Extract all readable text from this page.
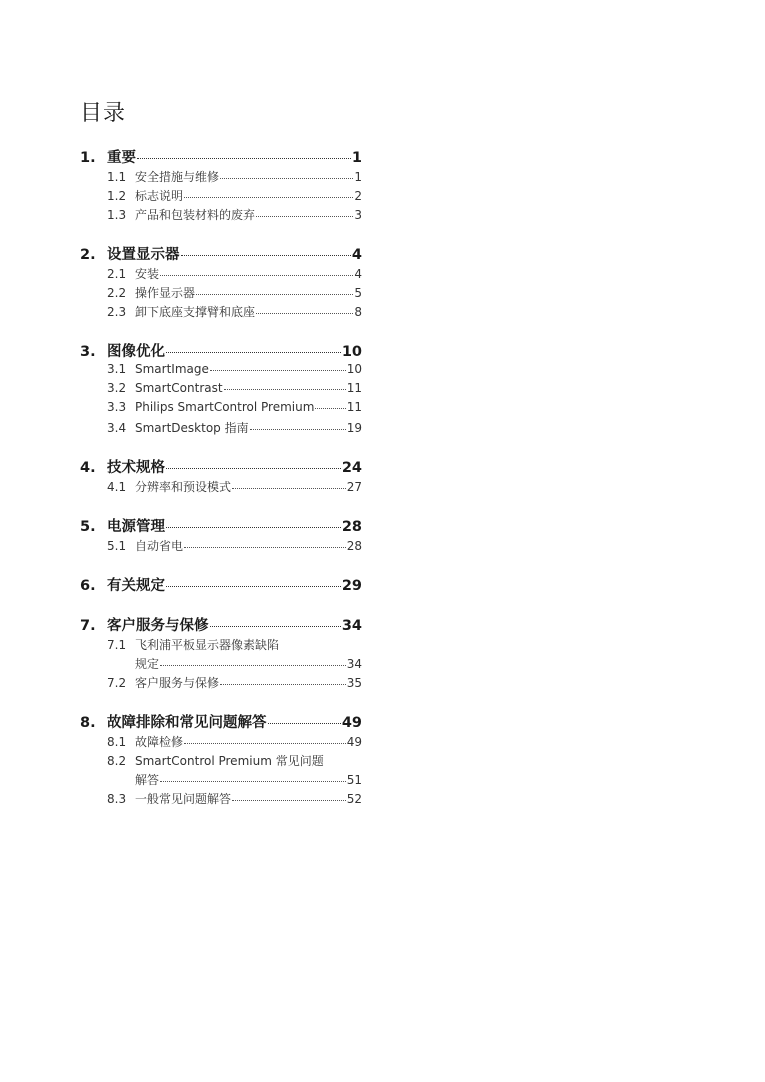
目录
1. 重要	1
1.1 安全措施与维修	1
1.2 标志说明	2
1.3 产品和包装材料的废弃	3
2. 设置显示器	4
2.1 安装	4
2.2 操作显示器	5
2.3 卸下底座支撑臂和底座	8
3. 图像优化	10
3.1 SmartImage	10
3.2 SmartContrast	11
3.3 Philips SmartControl Premium	11
3.4 SmartDesktop 指南	19
4. 技术规格	24
4.1 分辨率和预设模式	27
5. 电源管理	28
5.1 自动省电	28
6. 有关规定	29
7. 客户服务与保修	34
7.1 飞利浦平板显示器像素缺陷
规定	34
7.2 客户服务与保修	35
8. 故障排除和常见问题解答	49
8.1 故障检修	49
8.2 SmartControl Premium 常见问题
解答	51
8.3 一般常见问题解答	52
